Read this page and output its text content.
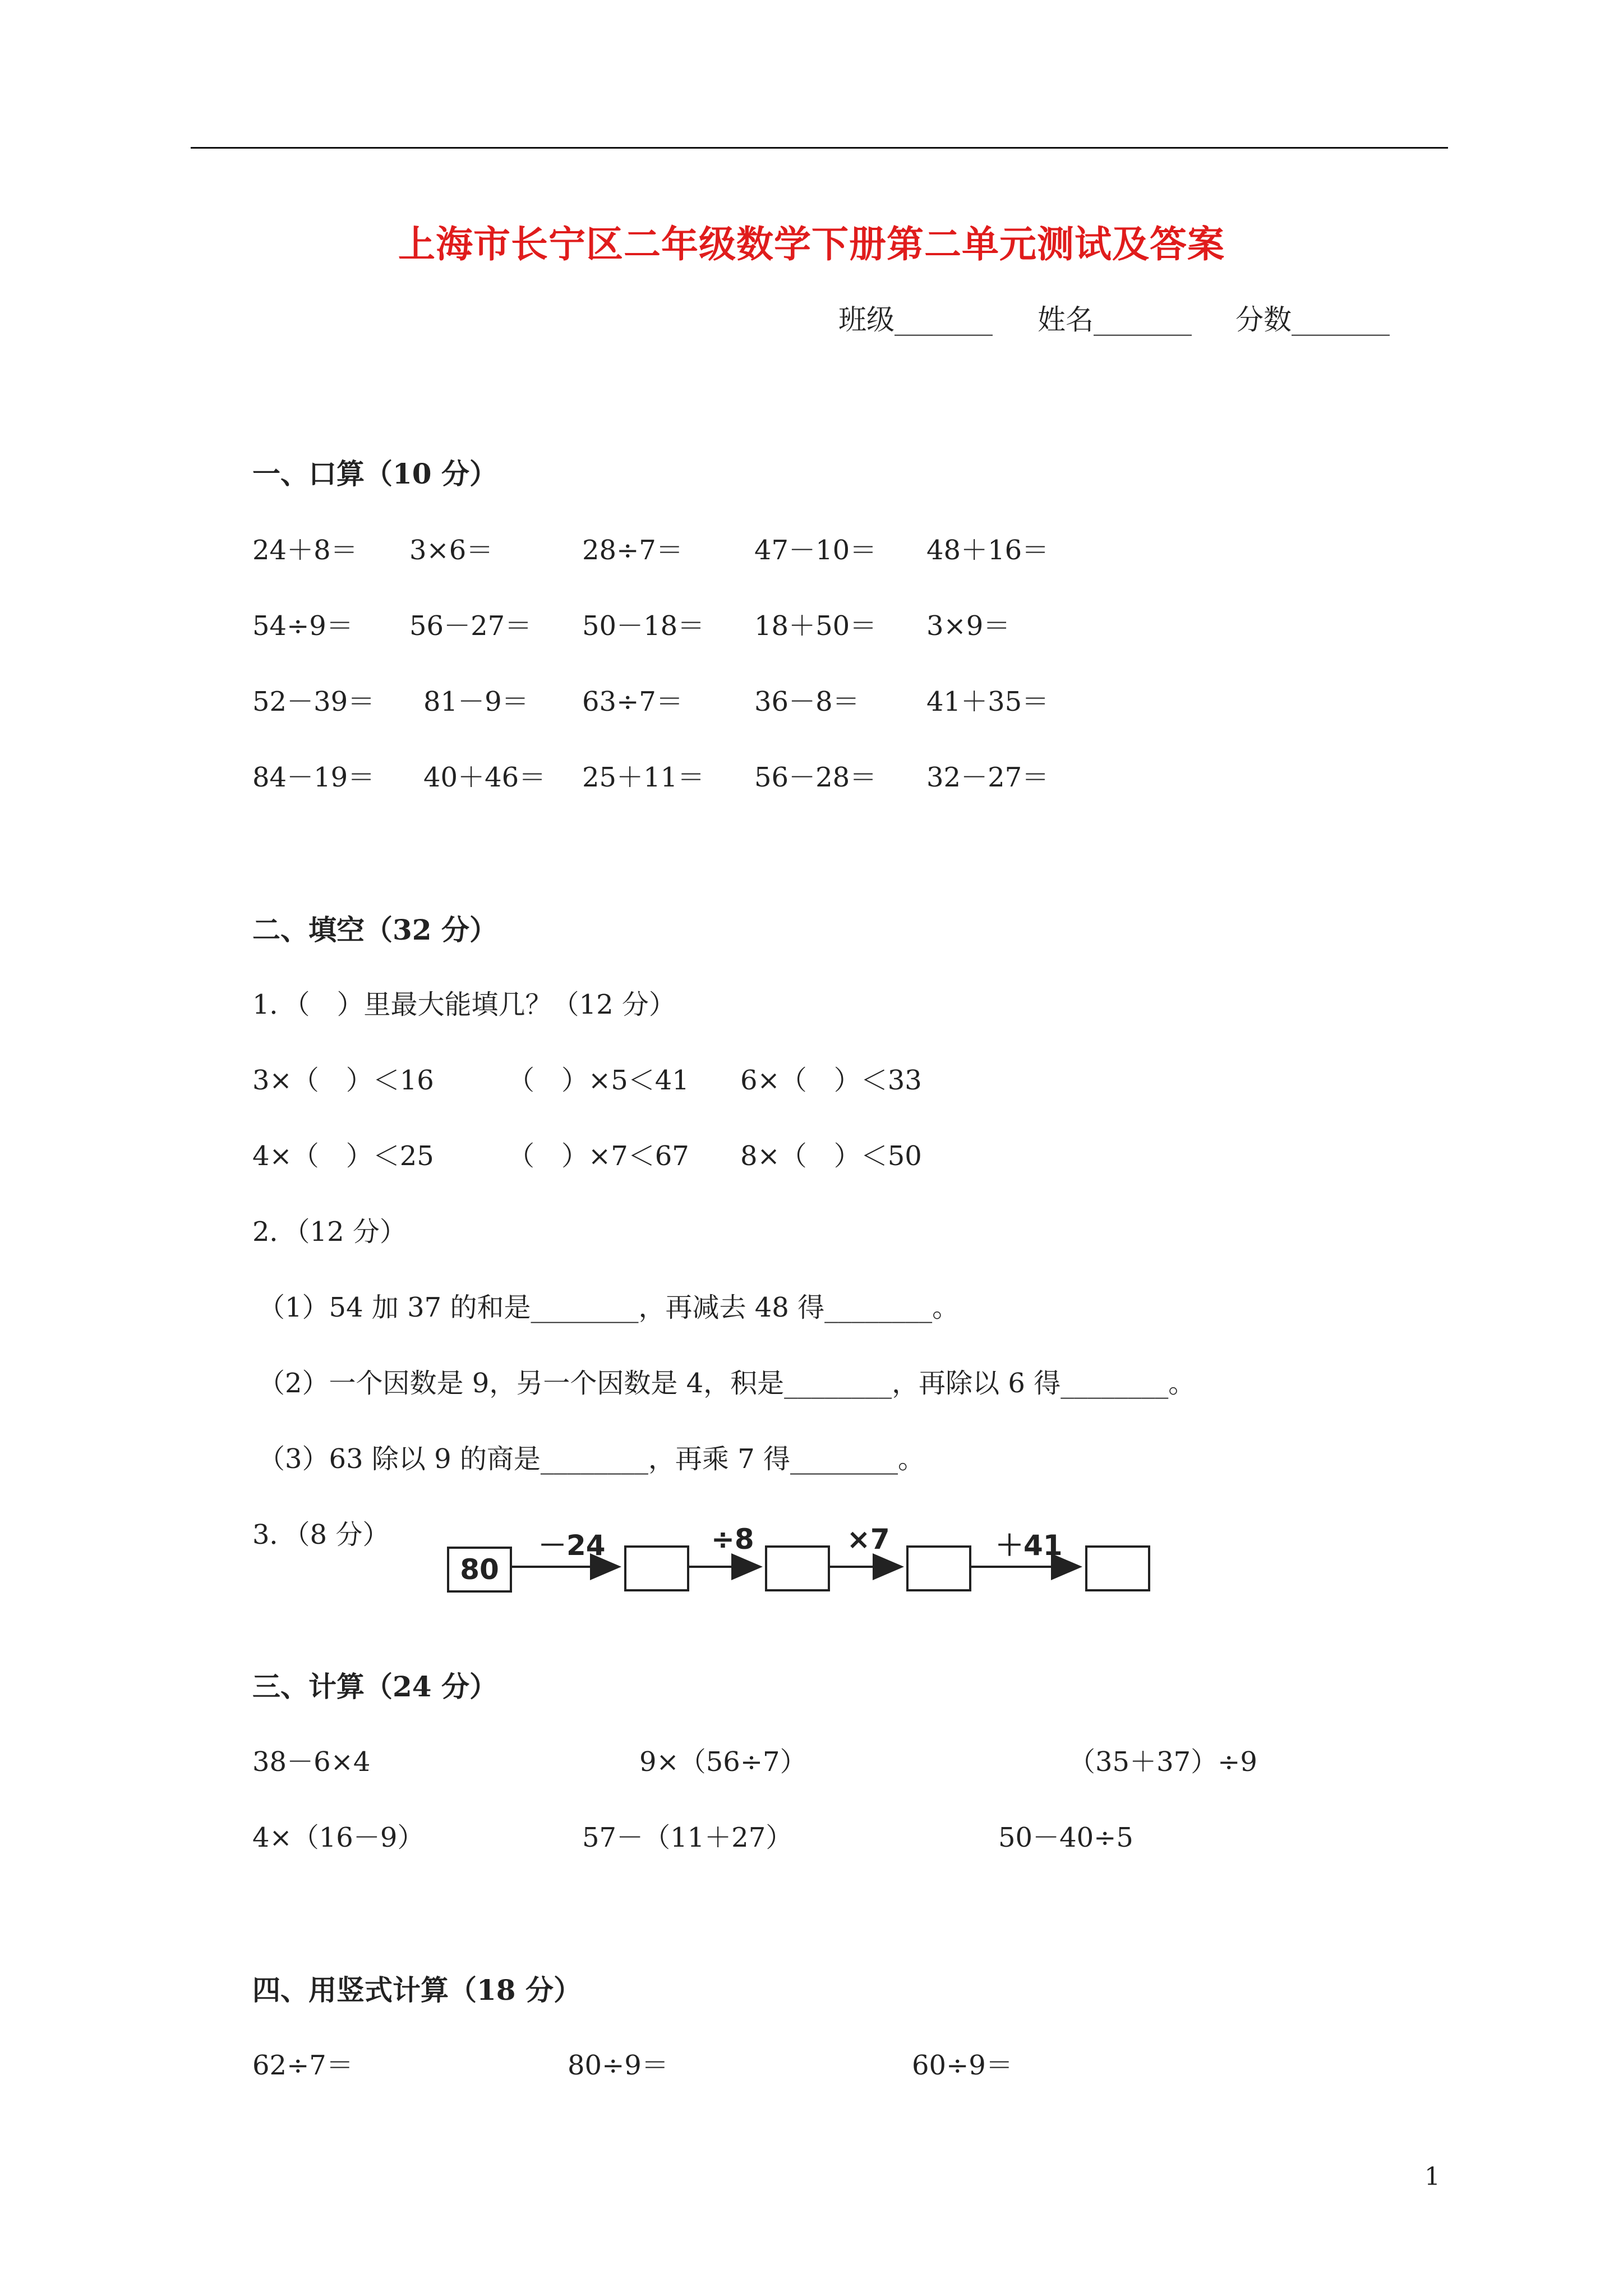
上海市长宁区二年级数学下册第二单元测试及答案
班级_______ 姓名_______ 分数_______
一、口算（10 分）
24＋8＝ 3×6＝	28÷7＝	47－10＝ 48＋16＝
54÷9＝ 56－27＝ 50－18＝ 18＋50＝ 3×9＝
52－39＝ 81－9＝ 63÷7＝	36－8＝ 41＋35＝
84－19＝ 40＋46＝ 25＋11＝ 56－28＝ 32－27＝
二、填空（32 分）
1．（　）里最大能填几？（12 分）
3×（　）＜16	（　）×5＜41 6×（　）＜33
4×（　）＜25	（　）×7＜67 8×（　）＜50
2．（12 分）
（1）54 加 37 的和是________，再减去 48 得________。
（2）一个因数是 9，另一个因数是 4，积是________，再除以 6 得________。
（3）63 除以 9 的商是________，再乘 7 得________。
3．（8 分）
80
－24	÷8	×7	＋41
三、计算（24 分）
38－6×4	9×（56÷7）	（35＋37）÷9
4×（16－9）	57－（11＋27）	50－40÷5
四、用竖式计算（18 分）
62÷7＝	80÷9＝	60÷9＝
1
